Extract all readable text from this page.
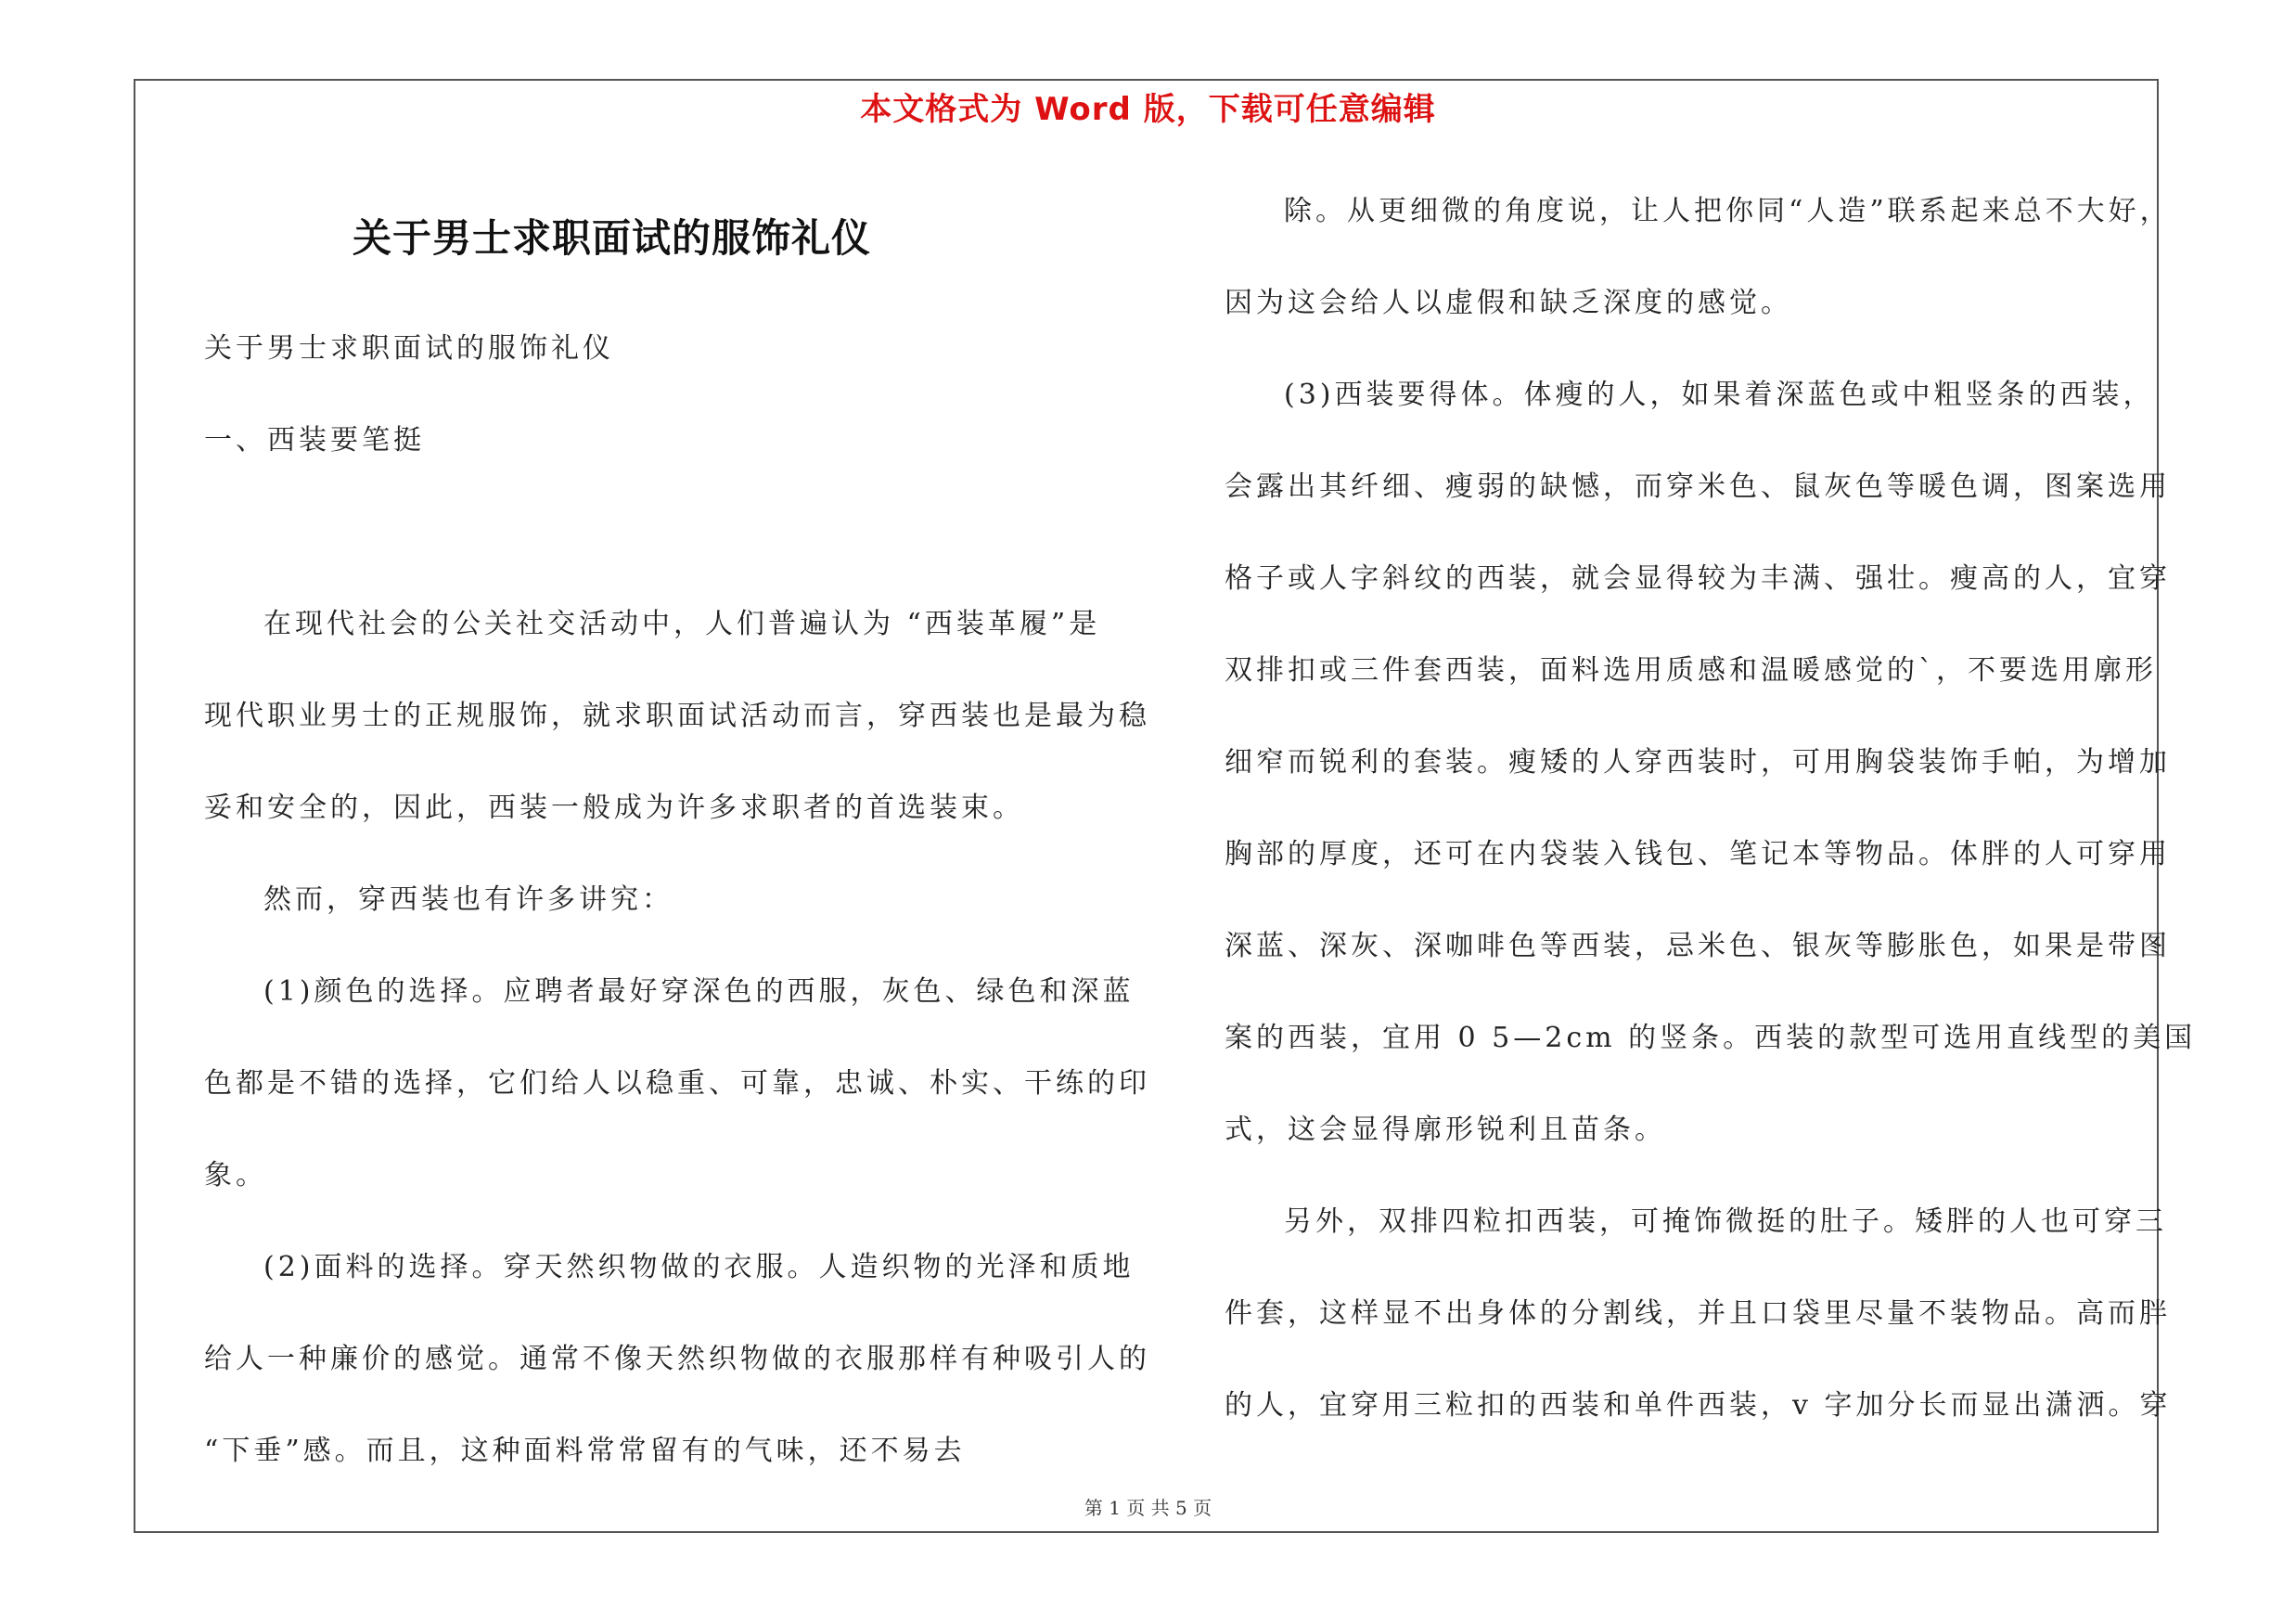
本文格式为 Word 版，下载可任意编辑
关于男士求职面试的服饰礼仪

关于男士求职面试的服饰礼仪

一、西装要笔挺

在现代社会的公关社交活动中，人们普遍认为 “西装革履”是

现代职业男士的正规服饰，就求职面试活动而言，穿西装也是最为稳
妥和安全的，因此，西装一般成为许多求职者的首选装束。

然而，穿西装也有许多讲究：

(1)颜色的选择。应聘者最好穿深色的西服，灰色、绿色和深蓝

色都是不错的选择，它们给人以稳重、可靠，忠诚、朴实、干练的印
象。

(2)面料的选择。穿天然织物做的衣服。人造织物的光泽和质地

给人一种廉价的感觉。通常不像天然织物做的衣服那样有种吸引人的
“下垂”感。而且，这种面料常常留有的气味，还不易去

除。从更细微的角度说，让人把你同“人造”联系起来总不大好，

因为这会给人以虚假和缺乏深度的感觉。

(3)西装要得体。体瘦的人，如果着深蓝色或中粗竖条的西装，

会露出其纤细、瘦弱的缺憾，而穿米色、鼠灰色等暖色调，图案选用
格子或人字斜纹的西装，就会显得较为丰满、强壮。瘦高的人，宜穿
双排扣或三件套西装，面料选用质感和温暖感觉的`，不要选用廓形
细窄而锐利的套装。瘦矮的人穿西装时，可用胸袋装饰手帕，为增加
胸部的厚度，还可在内袋装入钱包、笔记本等物品。体胖的人可穿用
深蓝、深灰、深咖啡色等西装，忌米色、银灰等膨胀色，如果是带图
案的西装，宜用 0 5—2cm 的竖条。西装的款型可选用直线型的美国
式，这会显得廓形锐利且苗条。

另外，双排四粒扣西装，可掩饰微挺的肚子。矮胖的人也可穿三

件套，这样显不出身体的分割线，并且口袋里尽量不装物品。高而胖
的人，宜穿用三粒扣的西装和单件西装，v 字加分长而显出潇洒。穿
第 1 页 共 5 页
